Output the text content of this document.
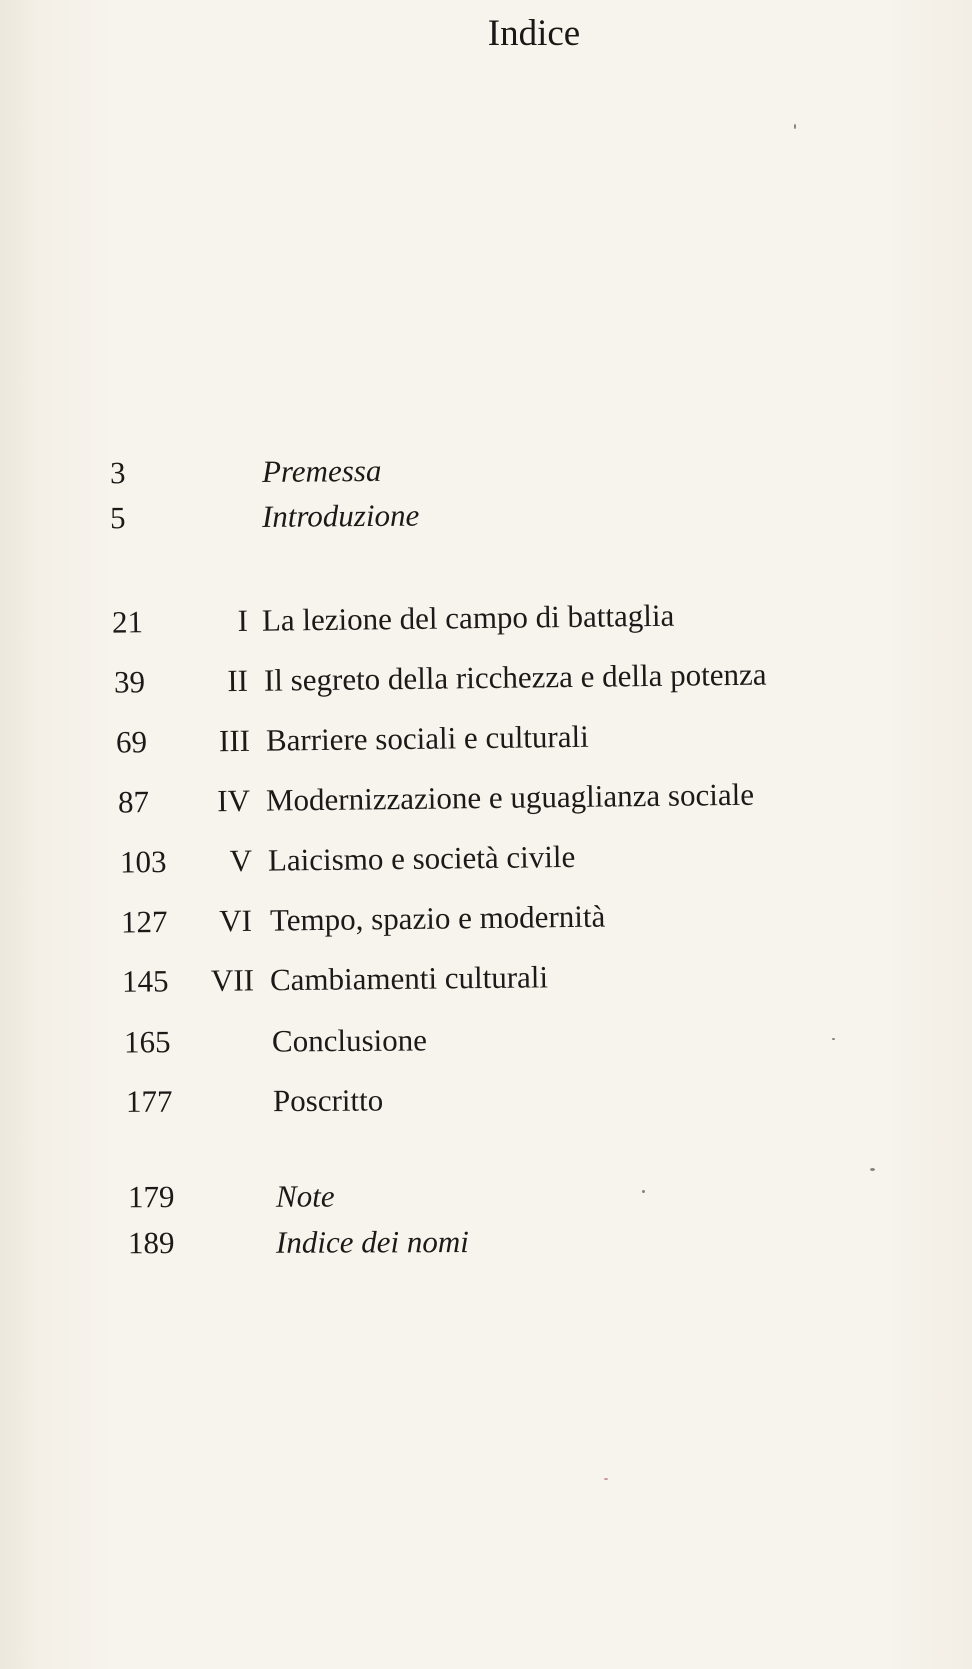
Indice
3	Premessa
5	Introduzione
21	I La lezione del campo di battaglia
39	II Il segreto della ricchezza e della potenza
69	III Barriere sociali e culturali
87	IV Modernizzazione e uguaglianza sociale
103	V Laicismo e società civile
127	VI Tempo, spazio e modernità
145	VII Cambiamenti culturali
165	Conclusione
177	Poscritto
179	Note
189	Indice dei nomi
